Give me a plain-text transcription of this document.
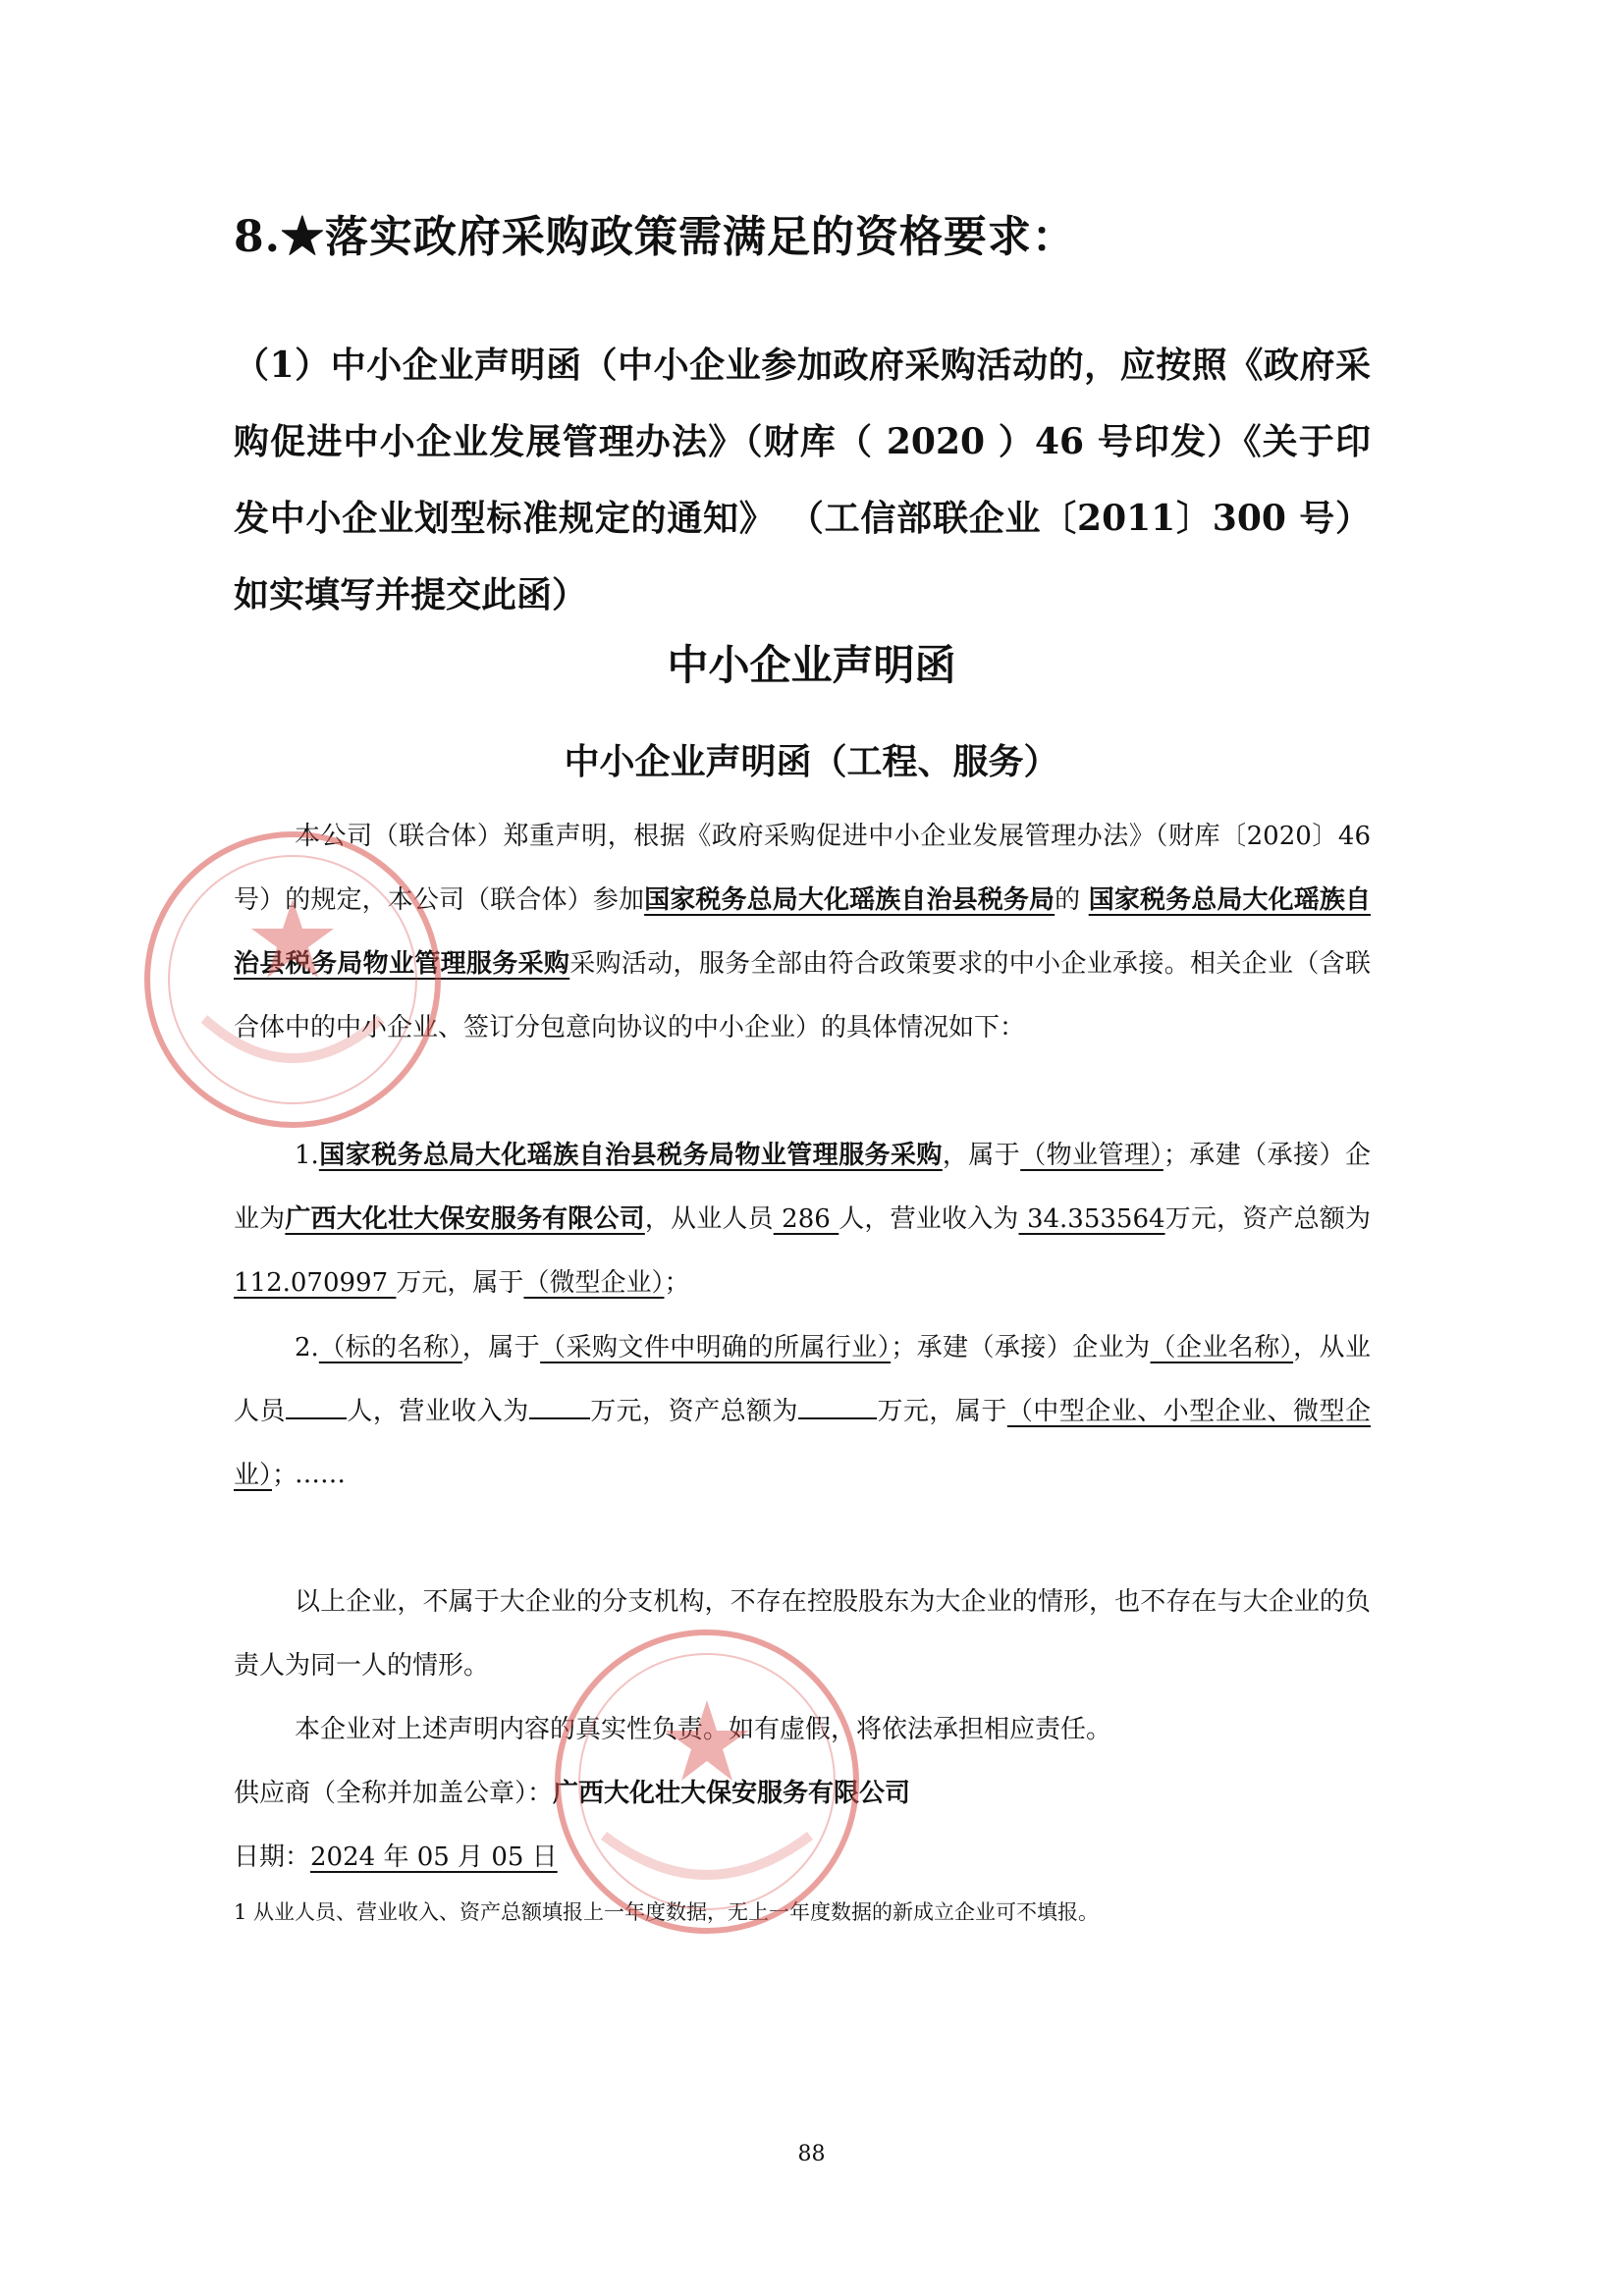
8.★落实政府采购政策需满足的资格要求：
（1）中小企业声明函（中小企业参加政府采购活动的，应按照《政府采购促进中小企业发展管理办法》（财库（ 2020 ）46 号印发）《关于印发中小企业划型标准规定的通知》 （工信部联企业〔2011〕300 号）如实填写并提交此函）
中小企业声明函
中小企业声明函（工程、服务）
本公司（联合体）郑重声明，根据《政府采购促进中小企业发展管理办法》（财库〔2020〕46 号）的规定，本公司（联合体）参加国家税务总局大化瑶族自治县税务局的 国家税务总局大化瑶族自治县税务局物业管理服务采购采购活动，服务全部由符合政策要求的中小企业承接。相关企业（含联合体中的中小企业、签订分包意向协议的中小企业）的具体情况如下：
1.国家税务总局大化瑶族自治县税务局物业管理服务采购，属于（物业管理）；承建（承接）企业为广西大化壮大保安服务有限公司，从业人员 286 人，营业收入为 34.353564万元，资产总额为 112.070997 万元，属于（微型企业）；
2.（标的名称），属于（采购文件中明确的所属行业）；承建（承接）企业为（企业名称），从业人员 人，营业收入为 万元，资产总额为	万元，属于（中型企业、小型企业、微型企业）；
……
以上企业，不属于大企业的分支机构，不存在控股股东为大企业的情形，也不存在与大企业的负责人为同一人的情形。
本企业对上述声明内容的真实性负责。如有虚假，将依法承担相应责任。
供应商（全称并加盖公章）：广西大化壮大保安服务有限公司
日期：2024 年 05 月 05 日
1 从业人员、营业收入、资产总额填报上一年度数据，无上一年度数据的新成立企业可不填报。
88
